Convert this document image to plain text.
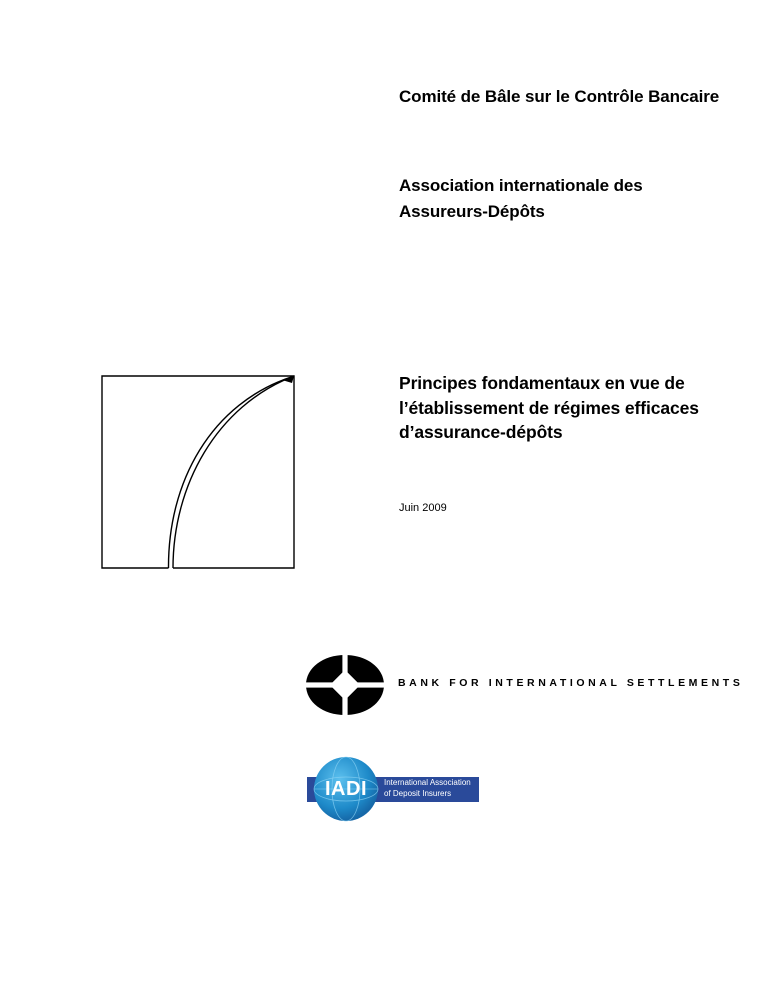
Comité de Bâle sur le Contrôle Bancaire
Association internationale des Assureurs-Dépôts
Principes fondamentaux en vue de l’établissement de régimes efficaces d’assurance-dépôts

Juin 2009

BANK FOR INTERNATIONAL SETTLEMENTS

IADI	International Association
of Deposit Insurers
